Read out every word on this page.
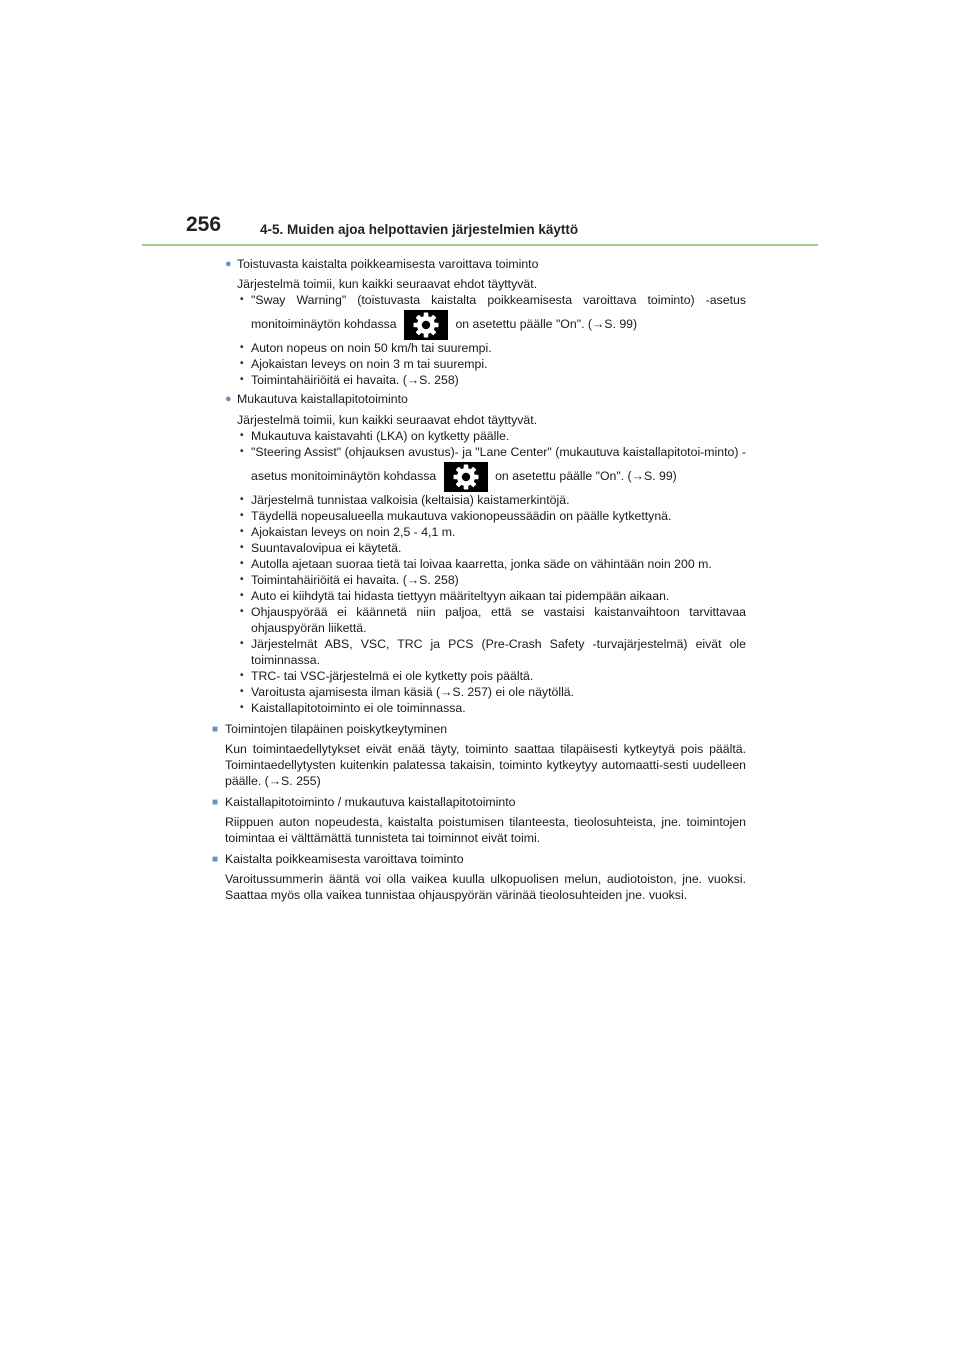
256	4-5. Muiden ajoa helpottavien järjestelmien käyttö
● Toistuvasta kaistalta poikkeamisesta varoittava toiminto
Järjestelmä toimii, kun kaikki seuraavat ehdot täyttyvät.
• "Sway Warning" (toistuvasta kaistalta poikkeamisesta varoittava toiminto) -asetus monitoiminäytön kohdassa	on asetettu päälle "On". (→S. 99)
• Auton nopeus on noin 50 km/h tai suurempi.
• Ajokaistan leveys on noin 3 m tai suurempi.
• Toimintahäiriöitä ei havaita. (→S. 258)
● Mukautuva kaistallapitotoiminto
Järjestelmä toimii, kun kaikki seuraavat ehdot täyttyvät.
• Mukautuva kaistavahti (LKA) on kytketty päälle.
• "Steering Assist" (ohjauksen avustus)- ja "Lane Center" (mukautuva kaistallapitotoi-minto) -asetus monitoiminäytön kohdassa	on asetettu päälle "On". (→S. 99)
• Järjestelmä tunnistaa valkoisia (keltaisia) kaistamerkintöjä.
• Täydellä nopeusalueella mukautuva vakionopeussäädin on päälle kytkettynä.
• Ajokaistan leveys on noin 2,5 - 4,1 m.
• Suuntavalovipua ei käytetä.
• Autolla ajetaan suoraa tietä tai loivaa kaarretta, jonka säde on vähintään noin 200 m.
• Toimintahäiriöitä ei havaita. (→S. 258)
• Auto ei kiihdytä tai hidasta tiettyyn määriteltyyn aikaan tai pidempään aikaan.
• Ohjauspyörää ei käännetä niin paljoa, että se vastaisi kaistanvaihtoon tarvittavaa ohjauspyörän liikettä.
• Järjestelmät ABS, VSC, TRC ja PCS (Pre-Crash Safety -turvajärjestelmä) eivät ole toiminnassa.
• TRC- tai VSC-järjestelmä ei ole kytketty pois päältä.
• Varoitusta ajamisesta ilman käsiä (→S. 257) ei ole näytöllä.
• Kaistallapitotoiminto ei ole toiminnassa.
■ Toimintojen tilapäinen poiskytkeytyminen
Kun toimintaedellytykset eivät enää täyty, toiminto saattaa tilapäisesti kytkeytyä pois päältä. Toimintaedellytysten kuitenkin palatessa takaisin, toiminto kytkeytyy automaatti-sesti uudelleen päälle. (→S. 255)
■ Kaistallapitotoiminto / mukautuva kaistallapitotoiminto
Riippuen auton nopeudesta, kaistalta poistumisen tilanteesta, tieolosuhteista, jne. toimintojen toimintaa ei välttämättä tunnisteta tai toiminnot eivät toimi.
■ Kaistalta poikkeamisesta varoittava toiminto
Varoitussummerin ääntä voi olla vaikea kuulla ulkopuolisen melun, audiotoiston, jne. vuoksi. Saattaa myös olla vaikea tunnistaa ohjauspyörän värinää tieolosuhteiden jne. vuoksi.
